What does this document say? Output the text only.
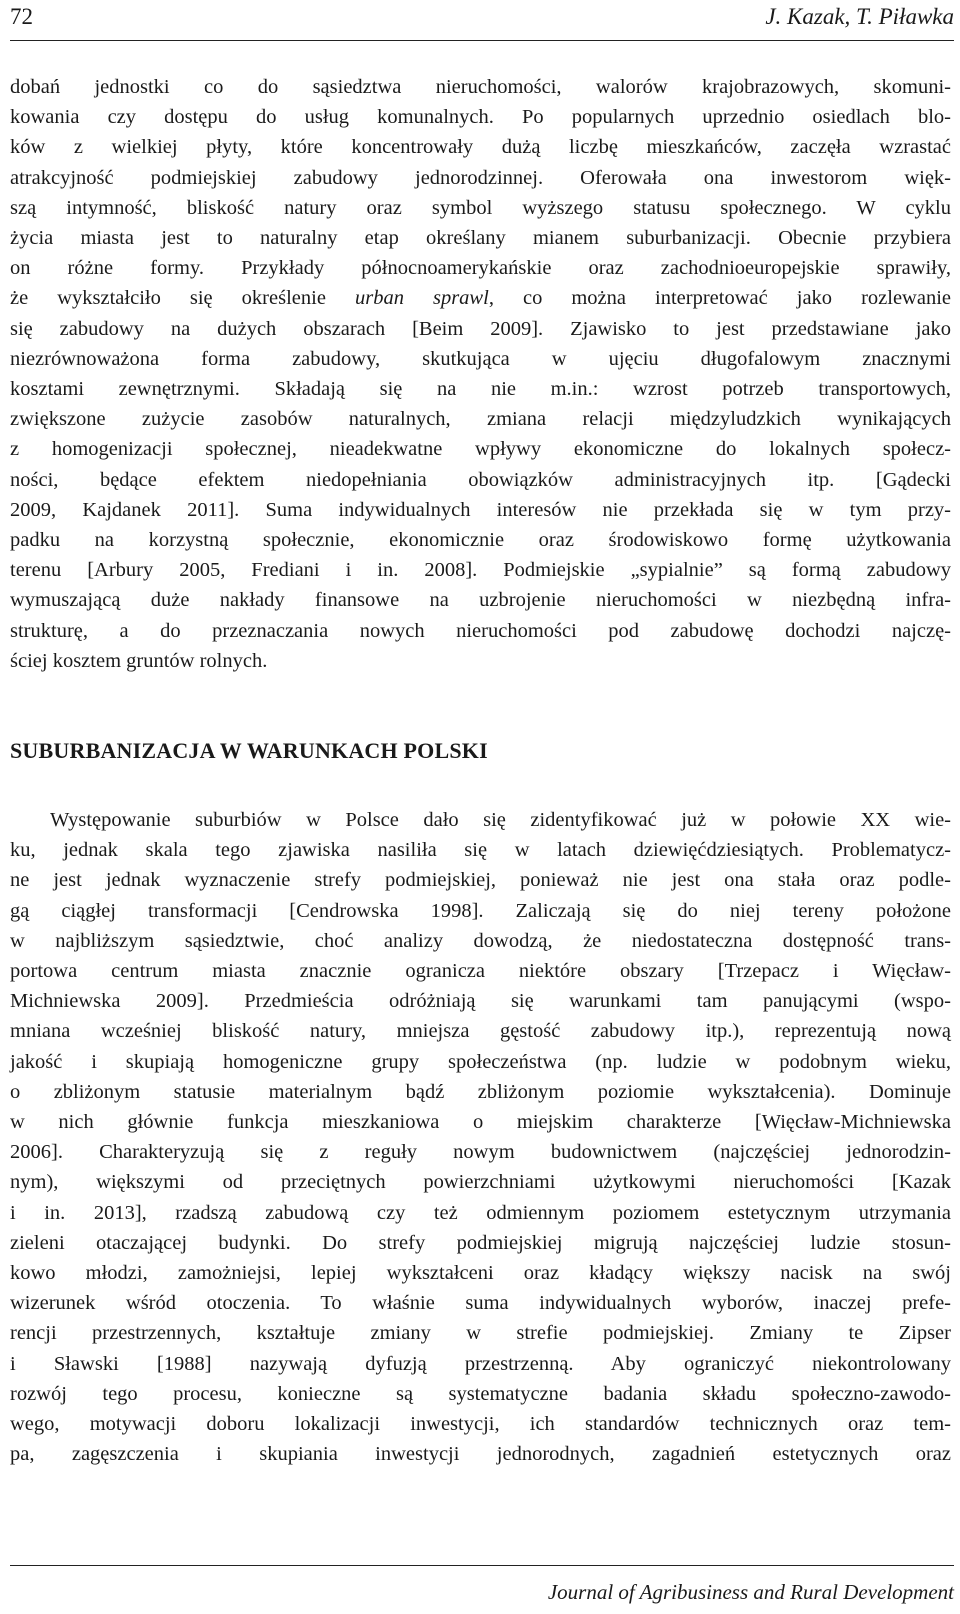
72	J. Kazak, T. Piławka

dobań jednostki co do sąsiedztwa nieruchomości, walorów krajobrazowych, skomuni-

kowania czy dostępu do usług komunalnych. Po popularnych uprzednio osiedlach blo-

ków z wielkiej płyty, które koncentrowały dużą liczbę mieszkańców, zaczęła wzrastać

atrakcyjność podmiejskiej zabudowy jednorodzinnej. Oferowała ona inwestorom więk-

szą intymność, bliskość natury oraz symbol wyższego statusu społecznego. W cyklu

życia miasta jest to naturalny etap określany mianem suburbanizacji. Obecnie przybiera

on różne formy. Przykłady północnoamerykańskie oraz zachodnioeuropejskie sprawiły,

że wykształciło się określenie urban sprawl, co można interpretować jako rozlewanie

się zabudowy na dużych obszarach [Beim 2009]. Zjawisko to jest przedstawiane jako

niezrównoważona forma zabudowy, skutkująca w ujęciu długofalowym znacznymi

kosztami zewnętrznymi. Składają się na nie m.in.: wzrost potrzeb transportowych,

zwiększone zużycie zasobów naturalnych, zmiana relacji międzyludzkich wynikających

z homogenizacji społecznej, nieadekwatne wpływy ekonomiczne do lokalnych społecz-

ności, będące efektem niedopełniania obowiązków administracyjnych itp. [Gądecki

2009, Kajdanek 2011]. Suma indywidualnych interesów nie przekłada się w tym przy-

padku na korzystną społecznie, ekonomicznie oraz środowiskowo formę użytkowania

terenu [Arbury 2005, Frediani i in. 2008]. Podmiejskie „sypialnie” są formą zabudowy

wymuszającą duże nakłady finansowe na uzbrojenie nieruchomości w niezbędną infra-

strukturę, a do przeznaczania nowych nieruchomości pod zabudowę dochodzi najczę-

ściej kosztem gruntów rolnych.

SUBURBANIZACJA W WARUNKACH POLSKI

Występowanie suburbiów w Polsce dało się zidentyfikować już w połowie XX wie-

ku, jednak skala tego zjawiska nasiliła się w latach dziewięćdziesiątych. Problematycz-

ne jest jednak wyznaczenie strefy podmiejskiej, ponieważ nie jest ona stała oraz podle-

gą ciągłej transformacji [Cendrowska 1998]. Zaliczają się do niej tereny położone

w najbliższym sąsiedztwie, choć analizy dowodzą, że niedostateczna dostępność trans-

portowa centrum miasta znacznie ogranicza niektóre obszary [Trzepacz i Więcław-

Michniewska 2009]. Przedmieścia odróżniają się warunkami tam panującymi (wspo-

mniana wcześniej bliskość natury, mniejsza gęstość zabudowy itp.), reprezentują nową

jakość i skupiają homogeniczne grupy społeczeństwa (np. ludzie w podobnym wieku,

o zbliżonym statusie materialnym bądź zbliżonym poziomie wykształcenia). Dominuje

w nich głównie funkcja mieszkaniowa o miejskim charakterze [Więcław-Michniewska

2006]. Charakteryzują się z reguły nowym budownictwem (najczęściej jednorodzin-

nym), większymi od przeciętnych powierzchniami użytkowymi nieruchomości [Kazak

i in. 2013], rzadszą zabudową czy też odmiennym poziomem estetycznym utrzymania

zieleni otaczającej budynki. Do strefy podmiejskiej migrują najczęściej ludzie stosun-

kowo młodzi, zamożniejsi, lepiej wykształceni oraz kładący większy nacisk na swój

wizerunek wśród otoczenia. To właśnie suma indywidualnych wyborów, inaczej prefe-

rencji przestrzennych, kształtuje zmiany w strefie podmiejskiej. Zmiany te Zipser

i Sławski [1988] nazywają dyfuzją przestrzenną. Aby ograniczyć niekontrolowany

rozwój tego procesu, konieczne są systematyczne badania składu społeczno-zawodo-

wego, motywacji doboru lokalizacji inwestycji, ich standardów technicznych oraz tem-

pa, zagęszczenia i skupiania inwestycji jednorodnych, zagadnień estetycznych oraz

Journal of Agribusiness and Rural Development
